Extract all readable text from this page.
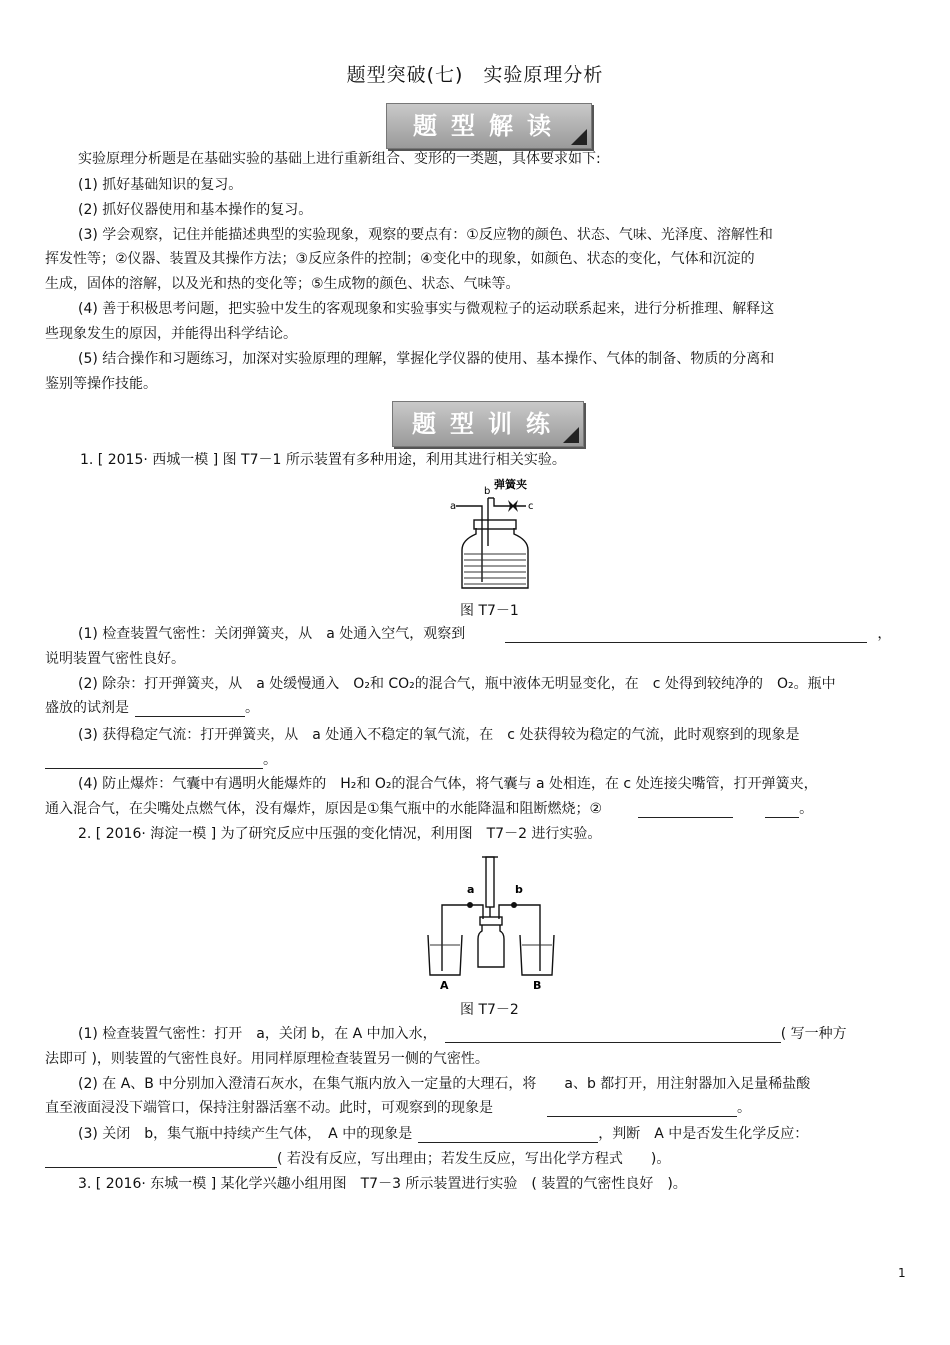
题型突破(七)　实验原理分析
题型解读
实验原理分析题是在基础实验的基础上进行重新组合、变形的一类题，具体要求如下:
(1) 抓好基础知识的复习。
(2) 抓好仪器使用和基本操作的复习。
(3) 学会观察，记住并能描述典型的实验现象，观察的要点有：①反应物的颜色、状态、气味、光泽度、溶解性和
挥发性等；②仪器、装置及其操作方法；③反应条件的控制；④变化中的现象，如颜色、状态的变化，气体和沉淀的
生成，固体的溶解，以及光和热的变化等；⑤生成物的颜色、状态、气味等。
(4) 善于积极思考问题，把实验中发生的客观现象和实验事实与微观粒子的运动联系起来，进行分析推理、解释这
些现象发生的原因，并能得出科学结论。
(5) 结合操作和习题练习，加深对实验原理的理解，掌握化学仪器的使用、基本操作、气体的制备、物质的分离和
鉴别等操作技能。
题型训练
1. [ 2015· 西城一模 ] 图 T7－1 所示装置有多种用途，利用其进行相关实验。
a
b
c
弹簧夹
图 T7－1
(1) 检查装置气密性：关闭弹簧夹，从　a 处通入空气，观察到	，
说明装置气密性良好。
(2) 除杂：打开弹簧夹，从　a 处缓慢通入　O₂和 CO₂的混合气，瓶中液体无明显变化，在　c 处得到较纯净的　O₂。瓶中
盛放的试剂是	。
(3) 获得稳定气流：打开弹簧夹，从　a 处通入不稳定的氧气流，在　c 处获得较为稳定的气流，此时观察到的现象是
。
(4) 防止爆炸：气囊中有遇明火能爆炸的　H₂和 O₂的混合气体，将气囊与 a 处相连，在 c 处连接尖嘴管，打开弹簧夹，
通入混合气，在尖嘴处点燃气体，没有爆炸，原因是①集气瓶中的水能降温和阻断燃烧；②	。
2. [ 2016· 海淀一模 ] 为了研究反应中压强的变化情况，利用图　T7－2 进行实验。
a	b
A	B
图 T7－2
(1) 检查装置气密性：打开　a，关闭 b，在 A 中加入水，	( 写一种方
法即可 )，则装置的气密性良好。用同样原理检查装置另一侧的气密性。
(2) 在 A、B 中分别加入澄清石灰水，在集气瓶内放入一定量的大理石，将　　a、b 都打开，用注射器加入足量稀盐酸
直至液面浸没下端管口，保持注射器活塞不动。此时，可观察到的现象是	。
(3) 关闭　b，集气瓶中持续产生气体，　A 中的现象是	，判断　A 中是否发生化学反应：
( 若没有反应，写出理由；若发生反应，写出化学方程式　　)。
3. [ 2016· 东城一模 ] 某化学兴趣小组用图　T7－3 所示装置进行实验　( 装置的气密性良好　)。
1
